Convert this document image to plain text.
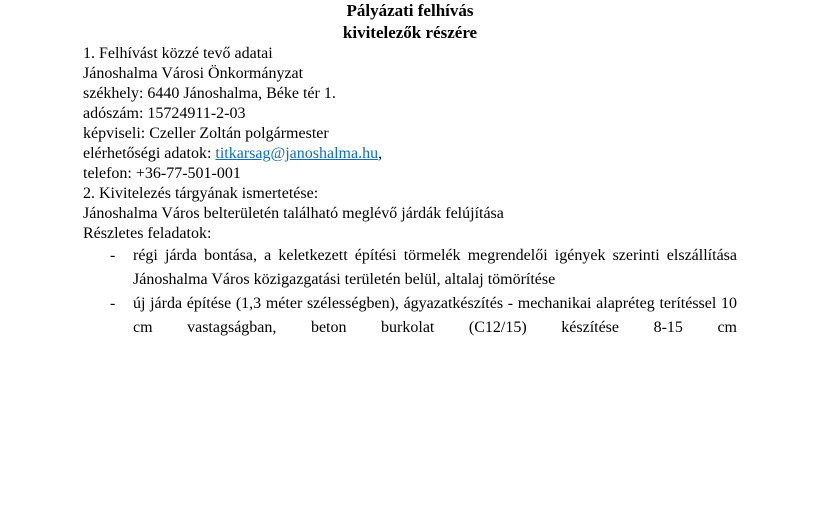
Pályázati felhívás
kivitelezők részére

1. Felhívást közzé tevő adatai

Jánoshalma Városi Önkormányzat
székhely: 6440 Jánoshalma, Béke tér 1.
adószám: 15724911-2-03
képviseli: Czeller Zoltán polgármester
elérhetőségi adatok: titkarsag@janoshalma.hu,
telefon: +36-77-501-001

2. Kivitelezés tárgyának ismertetése:

Jánoshalma Város belterületén található meglévő járdák felújítása

Részletes feladatok:

-	régi járda bontása, a keletkezett építési törmelék megrendelői igények szerinti elszállítása Jánoshalma Város közigazgatási területén belül, altalaj tömörítése
-	új járda építése (1,3 méter szélességben), ágyazatkészítés - mechanikai alapréteg terítéssel 10 cm vastagságban, beton burkolat (C12/15) készítése 8-15 cm
